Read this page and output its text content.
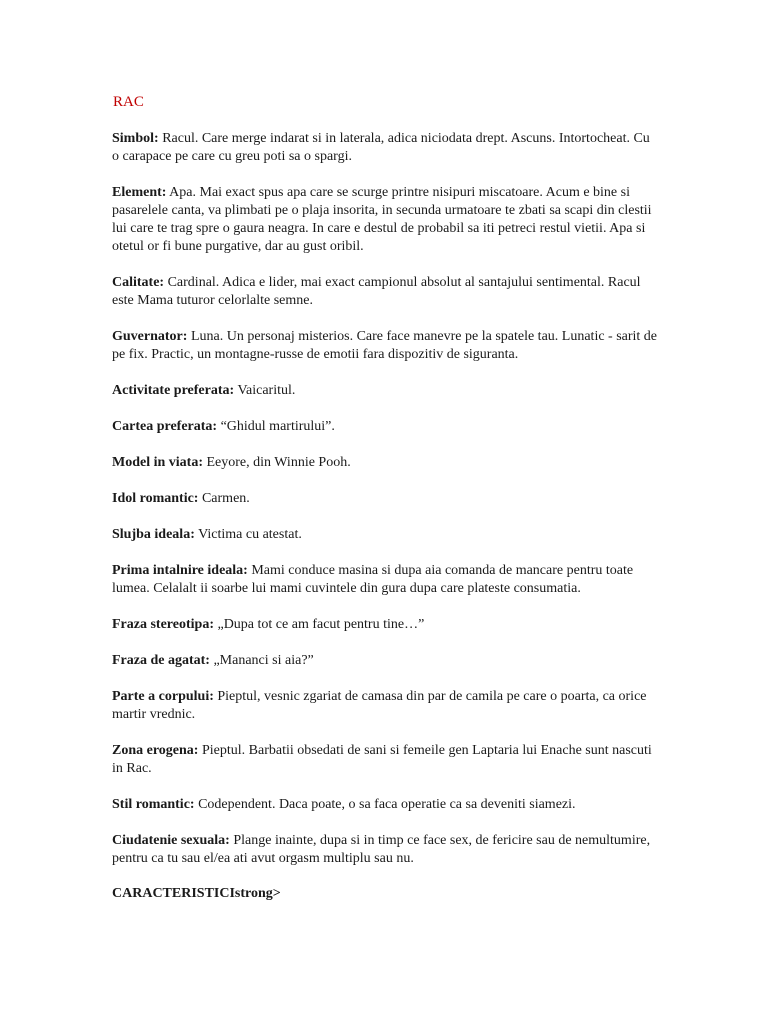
RAC
Simbol: Racul. Care merge indarat si in laterala, adica niciodata drept. Ascuns. Intortocheat. Cu o carapace pe care cu greu poti sa o spargi.
Element: Apa. Mai exact spus apa care se scurge printre nisipuri miscatoare. Acum e bine si pasarelele canta, va plimbati pe o plaja insorita, in secunda urmatoare te zbati sa scapi din clestii lui care te trag spre o gaura neagra. In care e destul de probabil sa iti petreci restul vietii. Apa si otetul or fi bune purgative, dar au gust oribil.
Calitate: Cardinal. Adica e lider, mai exact campionul absolut al santajului sentimental. Racul este Mama tuturor celorlalte semne.
Guvernator: Luna. Un personaj misterios. Care face manevre pe la spatele tau. Lunatic - sarit de pe fix. Practic, un montagne-russe de emotii fara dispozitiv de siguranta.
Activitate preferata: Vaicaritul.
Cartea preferata: “Ghidul martirului”.
Model in viata: Eeyore, din Winnie Pooh.
Idol romantic: Carmen.
Slujba ideala: Victima cu atestat.
Prima intalnire ideala: Mami conduce masina si dupa aia comanda de mancare pentru toate lumea. Celalalt ii soarbe lui mami cuvintele din gura dupa care plateste consumatia.
Fraza stereotipa: „Dupa tot ce am facut pentru tine…”
Fraza de agatat: „Mananci si aia?”
Parte a corpului: Pieptul, vesnic zgariat de camasa din par de camila pe care o poarta, ca orice martir vrednic.
Zona erogena: Pieptul. Barbatii obsedati de sani si femeile gen Laptaria lui Enache sunt nascuti in Rac.
Stil romantic: Codependent. Daca poate, o sa faca operatie ca sa deveniti siamezi.
Ciudatenie sexuala: Plange inainte, dupa si in timp ce face sex, de fericire sau de nemultumire, pentru ca tu sau el/ea ati avut orgasm multiplu sau nu.
CARACTERISTICIstrong>
